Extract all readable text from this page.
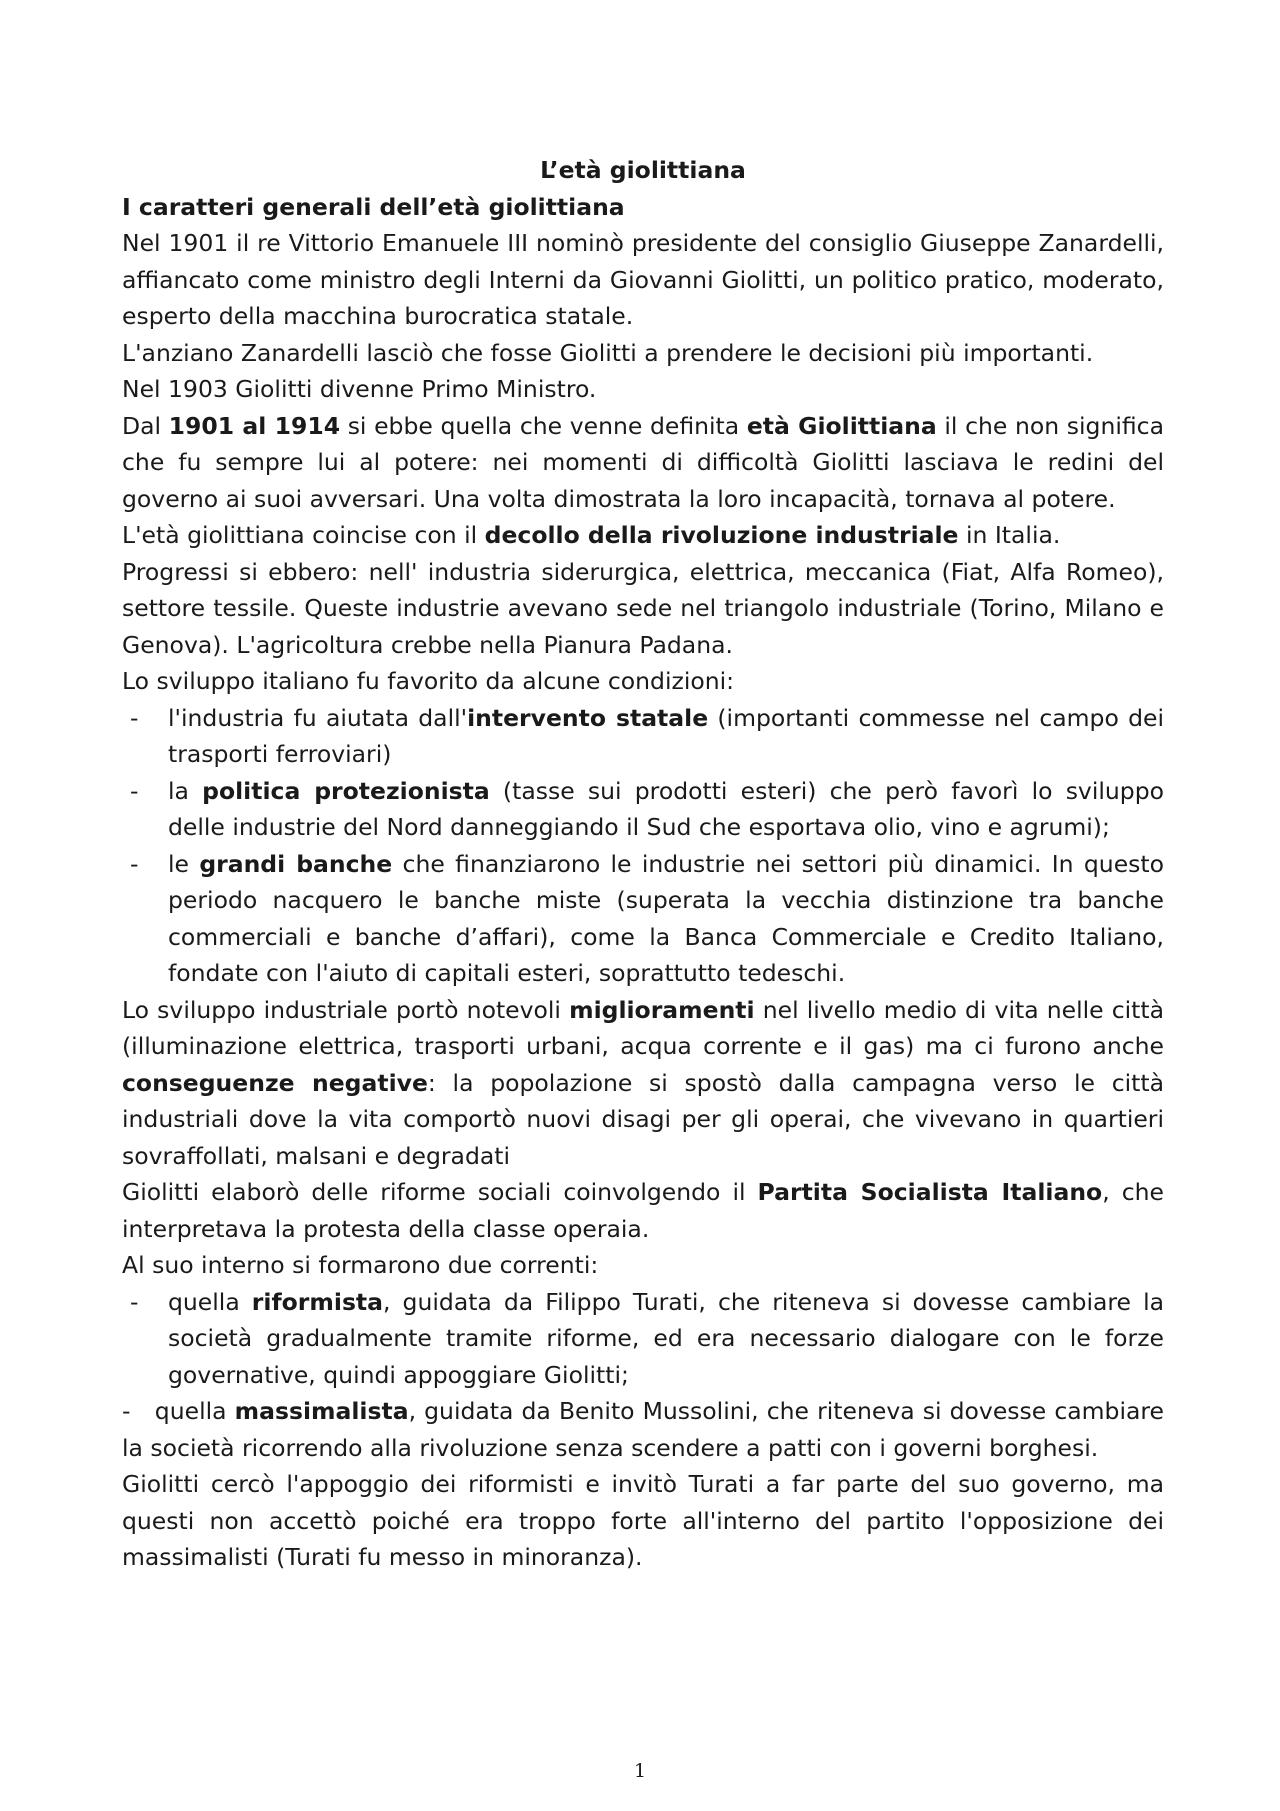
L’età giolittiana
I caratteri generali dell’età giolittiana

Nel 1901 il re Vittorio Emanuele III nominò presidente del consiglio Giuseppe Zanardelli, affiancato come ministro degli Interni da Giovanni Giolitti, un politico pratico, moderato, esperto della macchina burocratica statale.

L'anziano Zanardelli lasciò che fosse Giolitti a prendere le decisioni più importanti.

Nel 1903 Giolitti divenne Primo Ministro.

Dal 1901 al 1914 si ebbe quella che venne definita età Giolittiana il che non significa che fu sempre lui al potere: nei momenti di difficoltà Giolitti lasciava le redini del governo ai suoi avversari. Una volta dimostrata la loro incapacità, tornava al potere.

L'età giolittiana coincise con il decollo della rivoluzione industriale in Italia.

Progressi si ebbero: nell' industria siderurgica, elettrica, meccanica (Fiat, Alfa Romeo), settore tessile. Queste industrie avevano sede nel triangolo industriale (Torino, Milano e Genova). L'agricoltura crebbe nella Pianura Padana.

Lo sviluppo italiano fu favorito da alcune condizioni:

- l'industria fu aiutata dall'intervento statale (importanti commesse nel campo dei trasporti ferroviari)

- la politica protezionista (tasse sui prodotti esteri) che però favorì lo sviluppo delle industrie del Nord danneggiando il Sud che esportava olio, vino e agrumi);

- le grandi banche che finanziarono le industrie nei settori più dinamici. In questo periodo nacquero le banche miste (superata la vecchia distinzione tra banche commerciali e banche d’affari), come la Banca Commerciale e Credito Italiano, fondate con l'aiuto di capitali esteri, soprattutto tedeschi.

Lo sviluppo industriale portò notevoli miglioramenti nel livello medio di vita nelle città (illuminazione elettrica, trasporti urbani, acqua corrente e il gas) ma ci furono anche conseguenze negative: la popolazione si spostò dalla campagna verso le città industriali dove la vita comportò nuovi disagi per gli operai, che vivevano in quartieri sovraffollati, malsani e degradati

Giolitti elaborò delle riforme sociali coinvolgendo il Partita Socialista Italiano, che interpretava la protesta della classe operaia.

Al suo interno si formarono due correnti:

- quella riformista, guidata da Filippo Turati, che riteneva si dovesse cambiare la società gradualmente tramite riforme, ed era necessario dialogare con le forze governative, quindi appoggiare Giolitti;

-   quella massimalista, guidata da Benito Mussolini, che riteneva si dovesse cambiare la società ricorrendo alla rivoluzione senza scendere a patti con i governi borghesi.

Giolitti cercò l'appoggio dei riformisti e invitò Turati a far parte del suo governo, ma questi non accettò poiché era troppo forte all'interno del partito l'opposizione dei massimalisti (Turati fu messo in minoranza).

1
